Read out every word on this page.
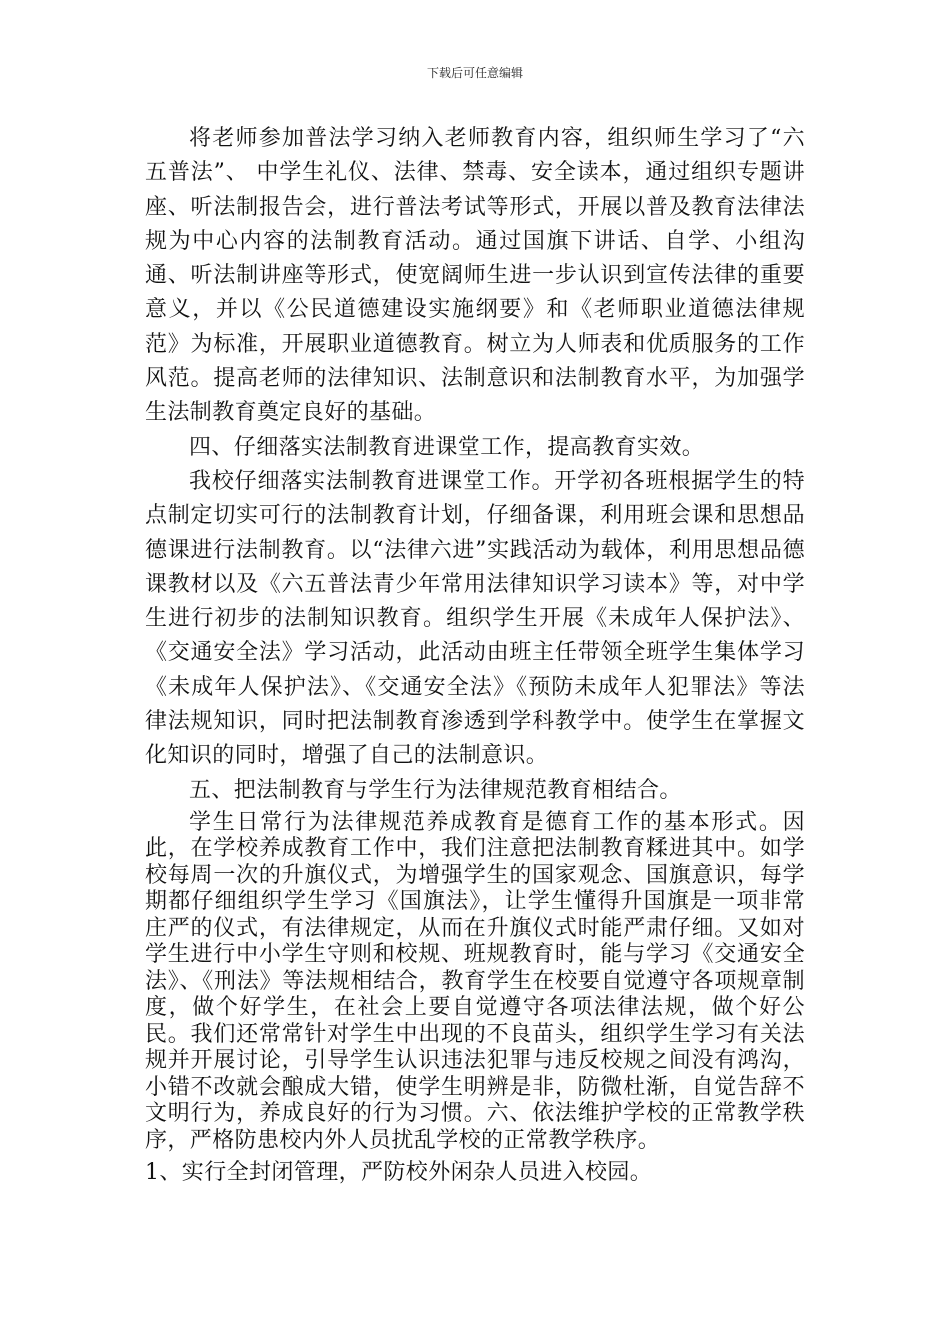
下载后可任意编辑

将老师参加普法学习纳入老师教育内容，组织师生学习了“六五普法”、 中学生礼仪、法律、禁毒、安全读本，通过组织专题讲座、听法制报告会，进行普法考试等形式，开展以普及教育法律法规为中心内容的法制教育活动。通过国旗下讲话、自学、小组沟通、听法制讲座等形式，使宽阔师生进一步认识到宣传法律的重要意义，并以《公民道德建设实施纲要》和《老师职业道德法律规范》为标准，开展职业道德教育。树立为人师表和优质服务的工作风范。提高老师的法律知识、法制意识和法制教育水平，为加强学生法制教育奠定良好的基础。

四、仔细落实法制教育进课堂工作，提高教育实效。

我校仔细落实法制教育进课堂工作。开学初各班根据学生的特点制定切实可行的法制教育计划，仔细备课，利用班会课和思想品德课进行法制教育。以“法律六进”实践活动为载体，利用思想品德课教材以及《六五普法青少年常用法律知识学习读本》等，对中学生进行初步的法制知识教育。组织学生开展《未成年人保护法》、《交通安全法》学习活动，此活动由班主任带领全班学生集体学习《未成年人保护法》、《交通安全法》《预防未成年人犯罪法》等法律法规知识，同时把法制教育渗透到学科教学中。使学生在掌握文化知识的同时，增强了自己的法制意识。

五、把法制教育与学生行为法律规范教育相结合。

学生日常行为法律规范养成教育是德育工作的基本形式。因此，在学校养成教育工作中，我们注意把法制教育糅进其中。如学校每周一次的升旗仪式，为增强学生的国家观念、国旗意识，每学期都仔细组织学生学习《国旗法》，让学生懂得升国旗是一项非常庄严的仪式，有法律规定，从而在升旗仪式时能严肃仔细。又如对学生进行中小学生守则和校规、班规教育时，能与学习《交通安全法》、《刑法》等法规相结合，教育学生在校要自觉遵守各项规章制度，做个好学生，在社会上要自觉遵守各项法律法规，做个好公民。我们还常常针对学生中出现的不良苗头，组织学生学习有关法规并开展讨论，引导学生认识违法犯罪与违反校规之间没有鸿沟，小错不改就会酿成大错，使学生明辨是非，防微杜渐，自觉告辞不文明行为，养成良好的行为习惯。六、依法维护学校的正常教学秩序，严格防患校内外人员扰乱学校的正常教学秩序。

1、实行全封闭管理，严防校外闲杂人员进入校园。
